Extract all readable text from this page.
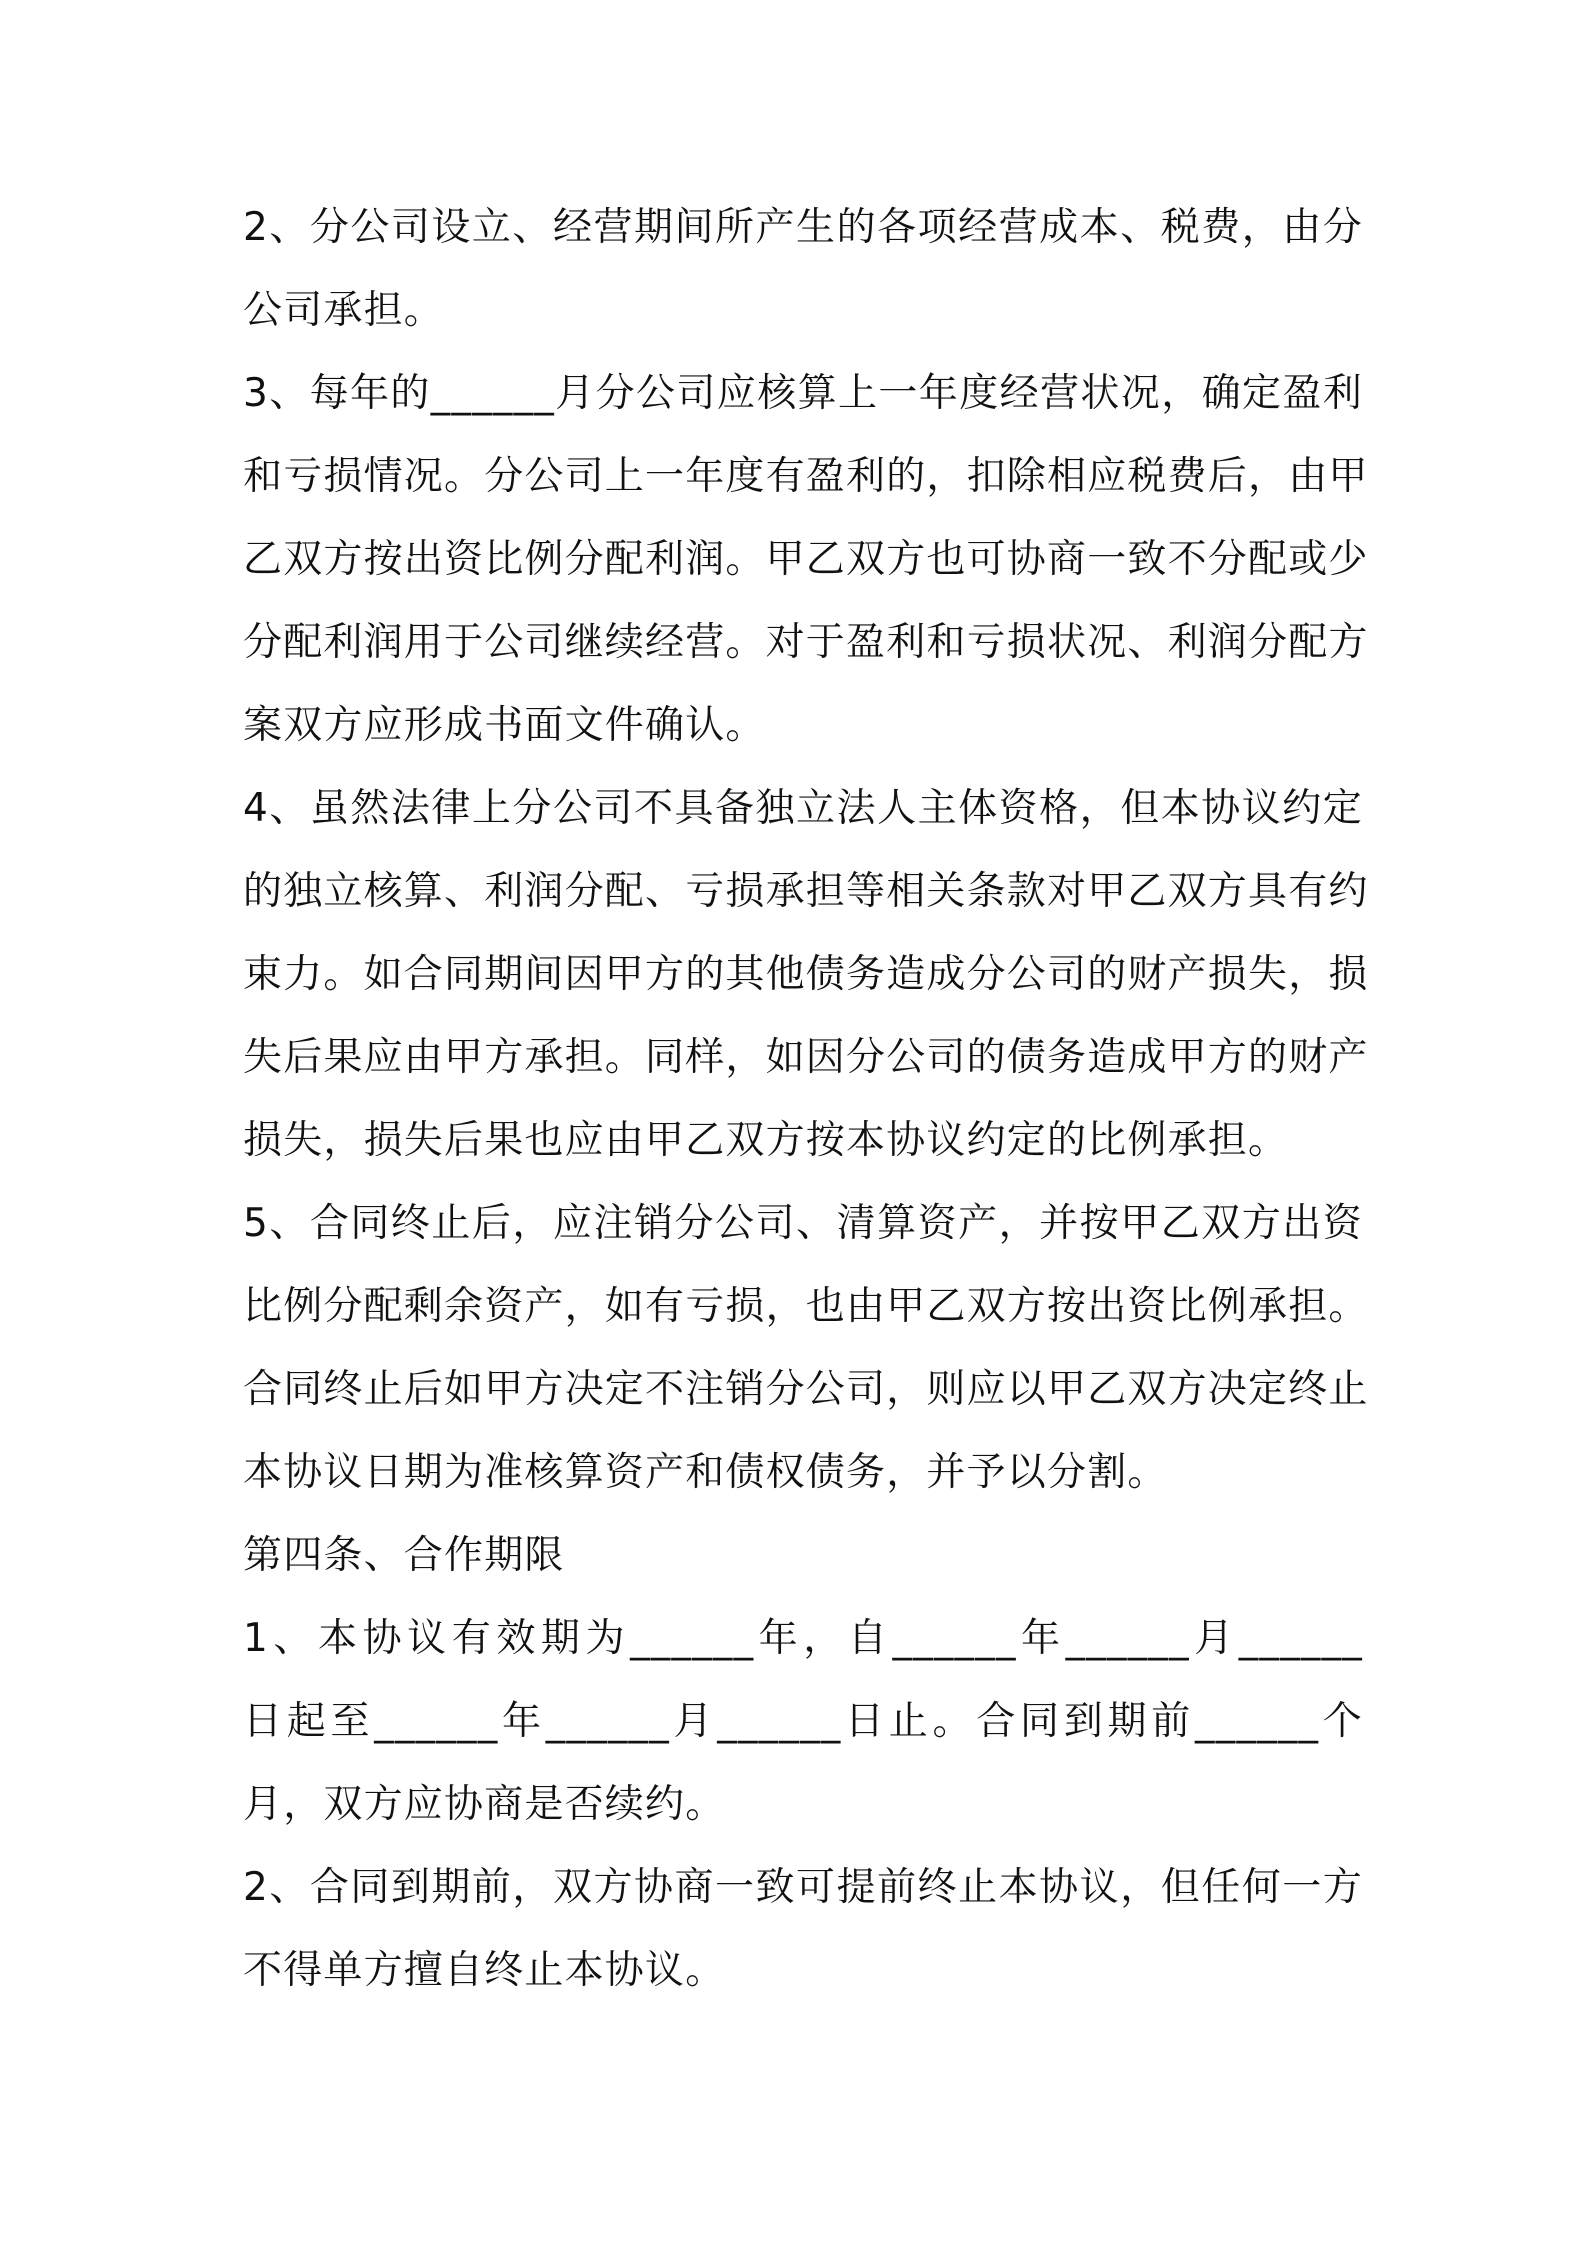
2、分公司设立、经营期间所产生的各项经营成本、税费，由分
公司承担。
3、每年的______月分公司应核算上一年度经营状况，确定盈利
和亏损情况。分公司上一年度有盈利的，扣除相应税费后，由甲
乙双方按出资比例分配利润。甲乙双方也可协商一致不分配或少
分配利润用于公司继续经营。对于盈利和亏损状况、利润分配方
案双方应形成书面文件确认。
4、虽然法律上分公司不具备独立法人主体资格，但本协议约定
的独立核算、利润分配、亏损承担等相关条款对甲乙双方具有约
束力。如合同期间因甲方的其他债务造成分公司的财产损失，损
失后果应由甲方承担。同样，如因分公司的债务造成甲方的财产
损失，损失后果也应由甲乙双方按本协议约定的比例承担。
5、合同终止后，应注销分公司、清算资产，并按甲乙双方出资
比例分配剩余资产，如有亏损，也由甲乙双方按出资比例承担。
合同终止后如甲方决定不注销分公司，则应以甲乙双方决定终止
本协议日期为准核算资产和债权债务，并予以分割。
第四条、合作期限
1、本协议有效期为______年，自______年______月______
日起至______年______月______日止。合同到期前______个
月，双方应协商是否续约。
2、合同到期前，双方协商一致可提前终止本协议，但任何一方
不得单方擅自终止本协议。
